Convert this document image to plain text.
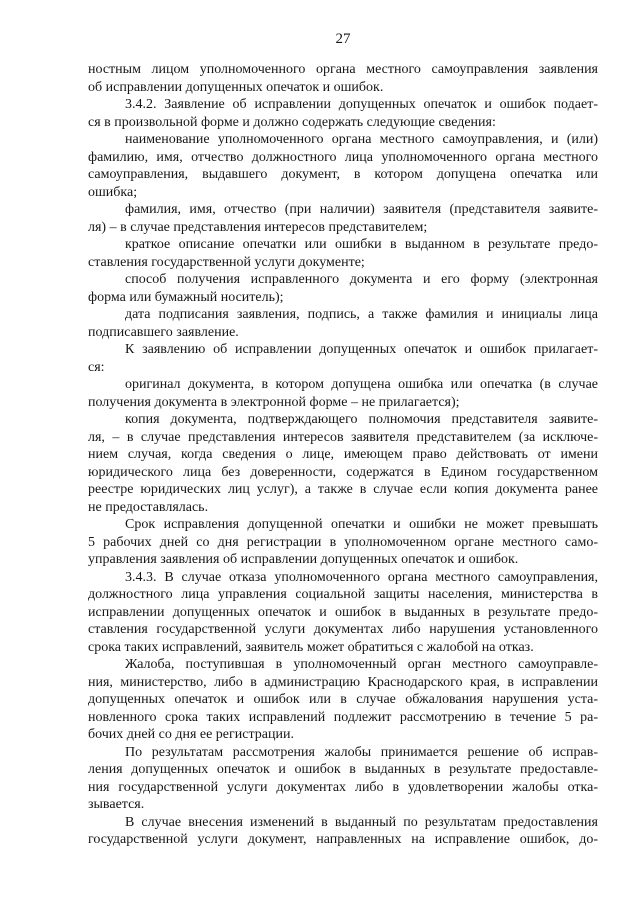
27
ностным лицом уполномоченного органа местного самоуправления заявления
об исправлении допущенных опечаток и ошибок.
3.4.2. Заявление об исправлении допущенных опечаток и ошибок подает-
ся в произвольной форме и должно содержать следующие сведения:
наименование уполномоченного органа местного самоуправления, и (или)
фамилию, имя, отчество должностного лица уполномоченного органа местного
самоуправления, выдавшего документ, в котором допущена опечатка или
ошибка;
фамилия, имя, отчество (при наличии) заявителя (представителя заявите-
ля) – в случае представления интересов представителем;
краткое описание опечатки или ошибки в выданном в результате предо-
ставления государственной услуги документе;
способ получения исправленного документа и его форму (электронная
форма или бумажный носитель);
дата подписания заявления, подпись, а также фамилия и инициалы лица
подписавшего заявление.
К заявлению об исправлении допущенных опечаток и ошибок прилагает-
ся:
оригинал документа, в котором допущена ошибка или опечатка (в случае
получения документа в электронной форме – не прилагается);
копия документа, подтверждающего полномочия представителя заявите-
ля, – в случае представления интересов заявителя представителем (за исключе-
нием случая, когда сведения о лице, имеющем право действовать от имени
юридического лица без доверенности, содержатся в Едином государственном
реестре юридических лиц услуг), а также в случае если копия документа ранее
не предоставлялась.
Срок исправления допущенной опечатки и ошибки не может превышать
5 рабочих дней со дня регистрации в уполномоченном органе местного само-
управления заявления об исправлении допущенных опечаток и ошибок.
3.4.3. В случае отказа уполномоченного органа местного самоуправления,
должностного лица управления социальной защиты населения, министерства в
исправлении допущенных опечаток и ошибок в выданных в результате предо-
ставления государственной услуги документах либо нарушения установленного
срока таких исправлений, заявитель может обратиться с жалобой на отказ.
Жалоба, поступившая в уполномоченный орган местного самоуправле-
ния, министерство, либо в администрацию Краснодарского края, в исправлении
допущенных опечаток и ошибок или в случае обжалования нарушения уста-
новленного срока таких исправлений подлежит рассмотрению в течение 5 ра-
бочих дней со дня ее регистрации.
По результатам рассмотрения жалобы принимается решение об исправ-
ления допущенных опечаток и ошибок в выданных в результате предоставле-
ния государственной услуги документах либо в удовлетворении жалобы отка-
зывается.
В случае внесения изменений в выданный по результатам предоставления
государственной услуги документ, направленных на исправление ошибок, до-
